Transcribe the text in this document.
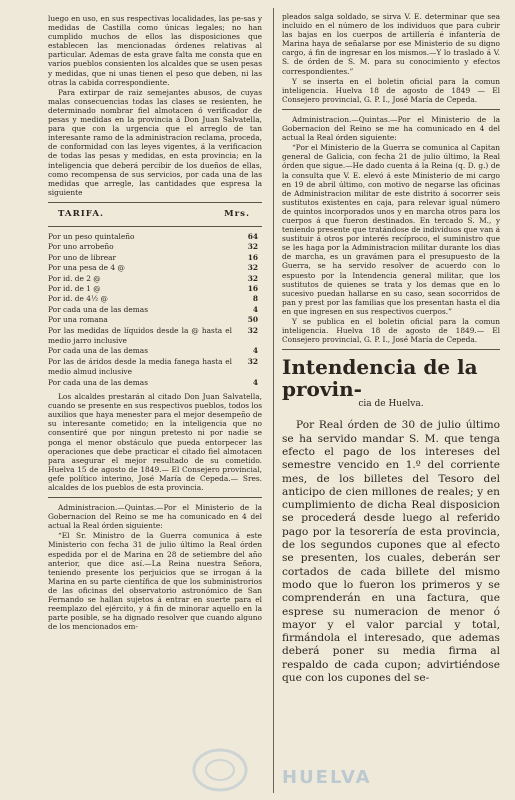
luego en uso, en sus respectivas localidades, las pe-sas y medidas de Castilla como únicas legales; no han cumplido muchos de ellos las disposiciones que establecen las mencionadas órdenes relativas al particular. Ademas de esta grave falta me consta que en varios pueblos consienten los alcaldes que se usen pesas y medidas, que ni unas tienen el peso que deben, ni las otras la cabida correspondiente.

Para extirpar de raiz semejantes abusos, de cuyas malas consecuencias todas las clases se resienten, he determinado nombrar fiel almotacen ó verificador de pesas y medidas en la provincia á Don Juan Salvatella, para que con la urgencia que el arreglo de tan interesante ramo de la administracion reclama, proceda, de conformidad con las leyes vigentes, á la verificacion de todas las pesas y medidas, en esta provincia; en la inteligencia que deberá percibir de los dueños de ellas, como recompensa de sus servicios, por cada una de las medidas que arregle, las cantidades que espresa la siguiente

TARIFA.	Mrs.
Por un peso quintaleño	64
Por uno arrobeño	32
Por uno de librear	16
Por una pesa de 4 @	32
Por id. de 2 @	32
Por id. de 1 @	16
Por id. de 4½ @	8
Por cada una de las demas	4
Por una romana	50
Por las medidas de líquidos desde la @ hasta el medio jarro inclusive	32
Por cada una de las demas	4
Por las de áridos desde la media fanega hasta el medio almud inclusive	32
Por cada una de las demas	4

Los alcaldes prestarán al citado Don Juan Salvatella, cuando se presente en sus respectivos pueblos, todos los auxilios que haya menester para el mejor desempeño de su interesante cometido; en la inteligencia que no consentiré que por ningun pretesto ni por nadie se ponga el menor obstáculo que pueda entorpecer las operaciones que debe practicar el citado fiel almotacen para asegurar el mejor resultado de su cometido. Huelva 15 de agosto de 1849.— El Consejero provincial, gefe político interino, José María de Cepeda.— Sres. alcaldes de los pueblos de esta provincia.

Administracion.—Quintas.—Por el Ministerio de la Gobernacion del Reino se me ha comunicado en 4 del actual la Real órden siguiente:

“El Sr. Ministro de la Guerra comunica á este Ministerio con fecha 31 de julio último la Real órden espedida por el de Marina en 28 de setiembre del año anterior, que dice así.—La Reina nuestra Señora, teniendo presente los perjuicios que se irrogan á la Marina en su parte científica de que los subministrorios de las oficinas del observatorio astronómico de San Fernando se hallan sujetos á entrar en suerte para el reemplazo del ejército, y á fin de minorar aquello en la parte posible, se ha dignado resolver que cuando alguno de los mencionados em-

pleados salga soldado, se sirva V. E. determinar que sea incluido en el número de los individuos que para cubrir las bajas en los cuerpos de artillería é infantería de Marina haya de señalarse por ese Ministerio de su digno cargo, á fin de ingresar en los mismos.—Y lo traslado á V. S. de órden de S. M. para su conocimiento y efectos correspondientes.”

Y se inserta en el boletin oficial para la comun inteligencia. Huelva 18 de agosto de 1849 — El Consejero provincial, G. P. I., José María de Cepeda.

Administracion.—Quintas.—Por el Ministerio de la Gobernacion del Reino se me ha comunicado en 4 del actual la Real órden siguiente:

“Por el Ministerio de la Guerra se comunica al Capitan general de Galicia, con fecha 21 de julio último, la Real órden que sigue.—He dado cuenta á la Reina (q. D. g.) de la consulta que V. E. elevó á este Ministerio de mi cargo en 19 de abril último, con motivo de negarse las oficinas de Administracion militar de este distrito á socorrer seis sustitutos existentes en caja, para relevar igual número de quintos incorporados unos y en marcha otros para los cuerpos á que fueron destinados. En tercado S. M., y teniendo presente que tratándose de individuos que van á sustituir á otros por interés recíproco, el suministro que se les haga por la Administracion militar durante los dias de marcha, es un gravámen para el presupuesto de la Guerra, se ha servido resolver de acuerdo con lo espuesto por la Intendencia general militar, que los sustitutos de quienes se trata y los demas que en lo sucesivo puedan hallarse en su caso, sean socorridos de pan y prest por las familias que los presentan hasta el dia en que ingresen en sus respectivos cuerpos.”

Y se publica en el boletin oficial para la comun inteligencia. Huelva 18 de agosto de 1849.— El Consejero provincial, G. P. I., José María de Cepeda.

Intendencia de la provin-
cia de Huelva.

Por Real órden de 30 de julio último se ha servido mandar S. M. que tenga efecto el pago de los intereses del semestre vencido en 1.º del corriente mes, de los billetes del Tesoro del anticipo de cien millones de reales; y en cumplimiento de dicha Real disposicion se procederá desde luego al referido pago por la tesorería de esta provincia, de los segundos cupones que al efecto se presenten, los cuales, deberán ser cortados de cada billete del mismo modo que lo fueron los primeros y se comprenderán en una factura, que esprese su numeracion de menor ó mayor y el valor parcial y total, firmándola el interesado, que ademas deberá poner su media firma al respaldo de cada cupon; advirtiéndose que con los cupones del se-

HUELVA
